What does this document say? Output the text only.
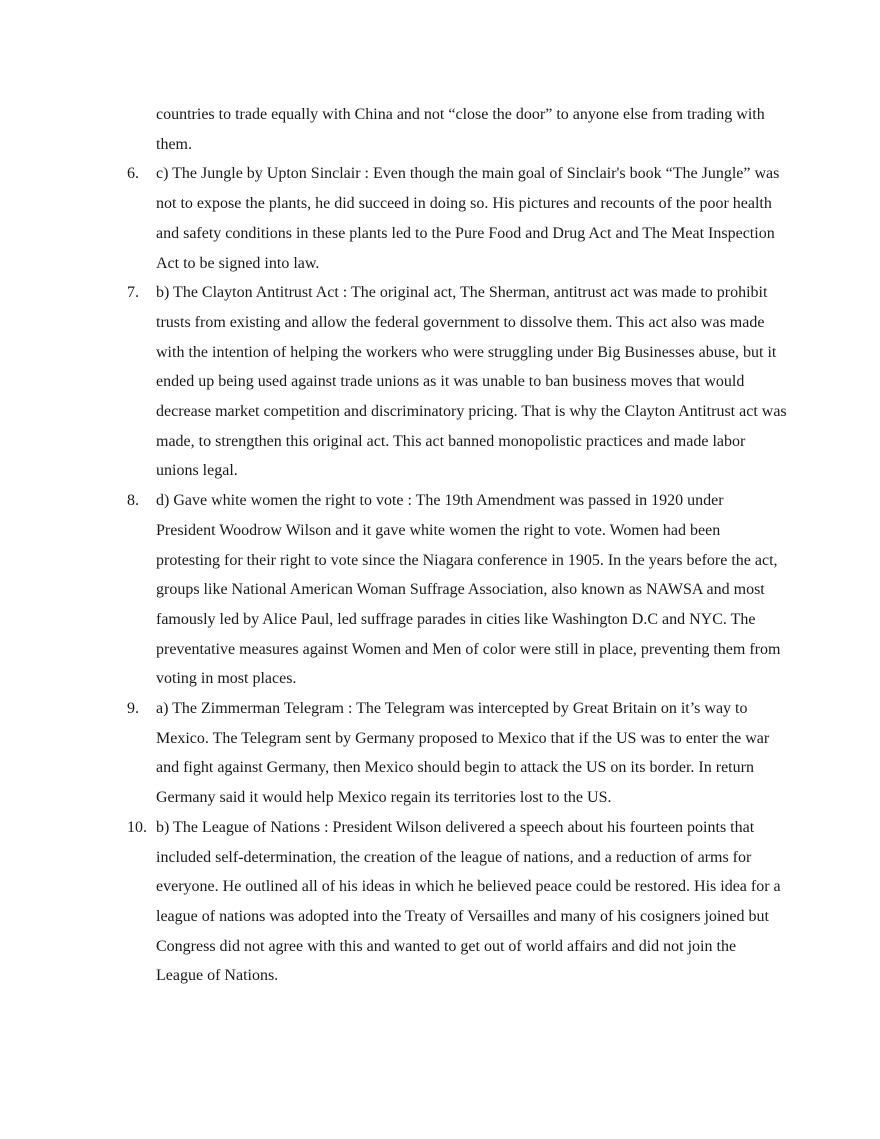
countries to trade equally with China and not “close the door” to anyone else from trading with them.

6.	c) The Jungle by Upton Sinclair : Even though the main goal of Sinclair's book “The Jungle” was not to expose the plants, he did succeed in doing so. His pictures and recounts of the poor health and safety conditions in these plants led to the Pure Food and Drug Act and The Meat Inspection Act to be signed into law.

7.	b) The Clayton Antitrust Act : The original act, The Sherman, antitrust act was made to prohibit trusts from existing and allow the federal government to dissolve them. This act also was made with the intention of helping the workers who were struggling under Big Businesses abuse, but it ended up being used against trade unions as it was unable to ban business moves that would decrease market competition and discriminatory pricing. That is why the Clayton Antitrust act was made, to strengthen this original act. This act banned monopolistic practices and made labor unions legal.

8.	d) Gave white women the right to vote : The 19th Amendment was passed in 1920 under President Woodrow Wilson and it gave white women the right to vote. Women had been protesting for their right to vote since the Niagara conference in 1905. In the years before the act, groups like National American Woman Suffrage Association, also known as NAWSA and most famously led by Alice Paul, led suffrage parades in cities like Washington D.C and NYC. The preventative measures against Women and Men of color were still in place, preventing them from voting in most places.

9.	a) The Zimmerman Telegram : The Telegram was intercepted by Great Britain on it’s way to Mexico. The Telegram sent by Germany proposed to Mexico that if the US was to enter the war and fight against Germany, then Mexico should begin to attack the US on its border. In return Germany said it would help Mexico regain its territories lost to the US.

10. b) The League of Nations : President Wilson delivered a speech about his fourteen points that included self-determination, the creation of the league of nations, and a reduction of arms for everyone. He outlined all of his ideas in which he believed peace could be restored. His idea for a league of nations was adopted into the Treaty of Versailles and many of his cosigners joined but Congress did not agree with this and wanted to get out of world affairs and did not join the League of Nations.
